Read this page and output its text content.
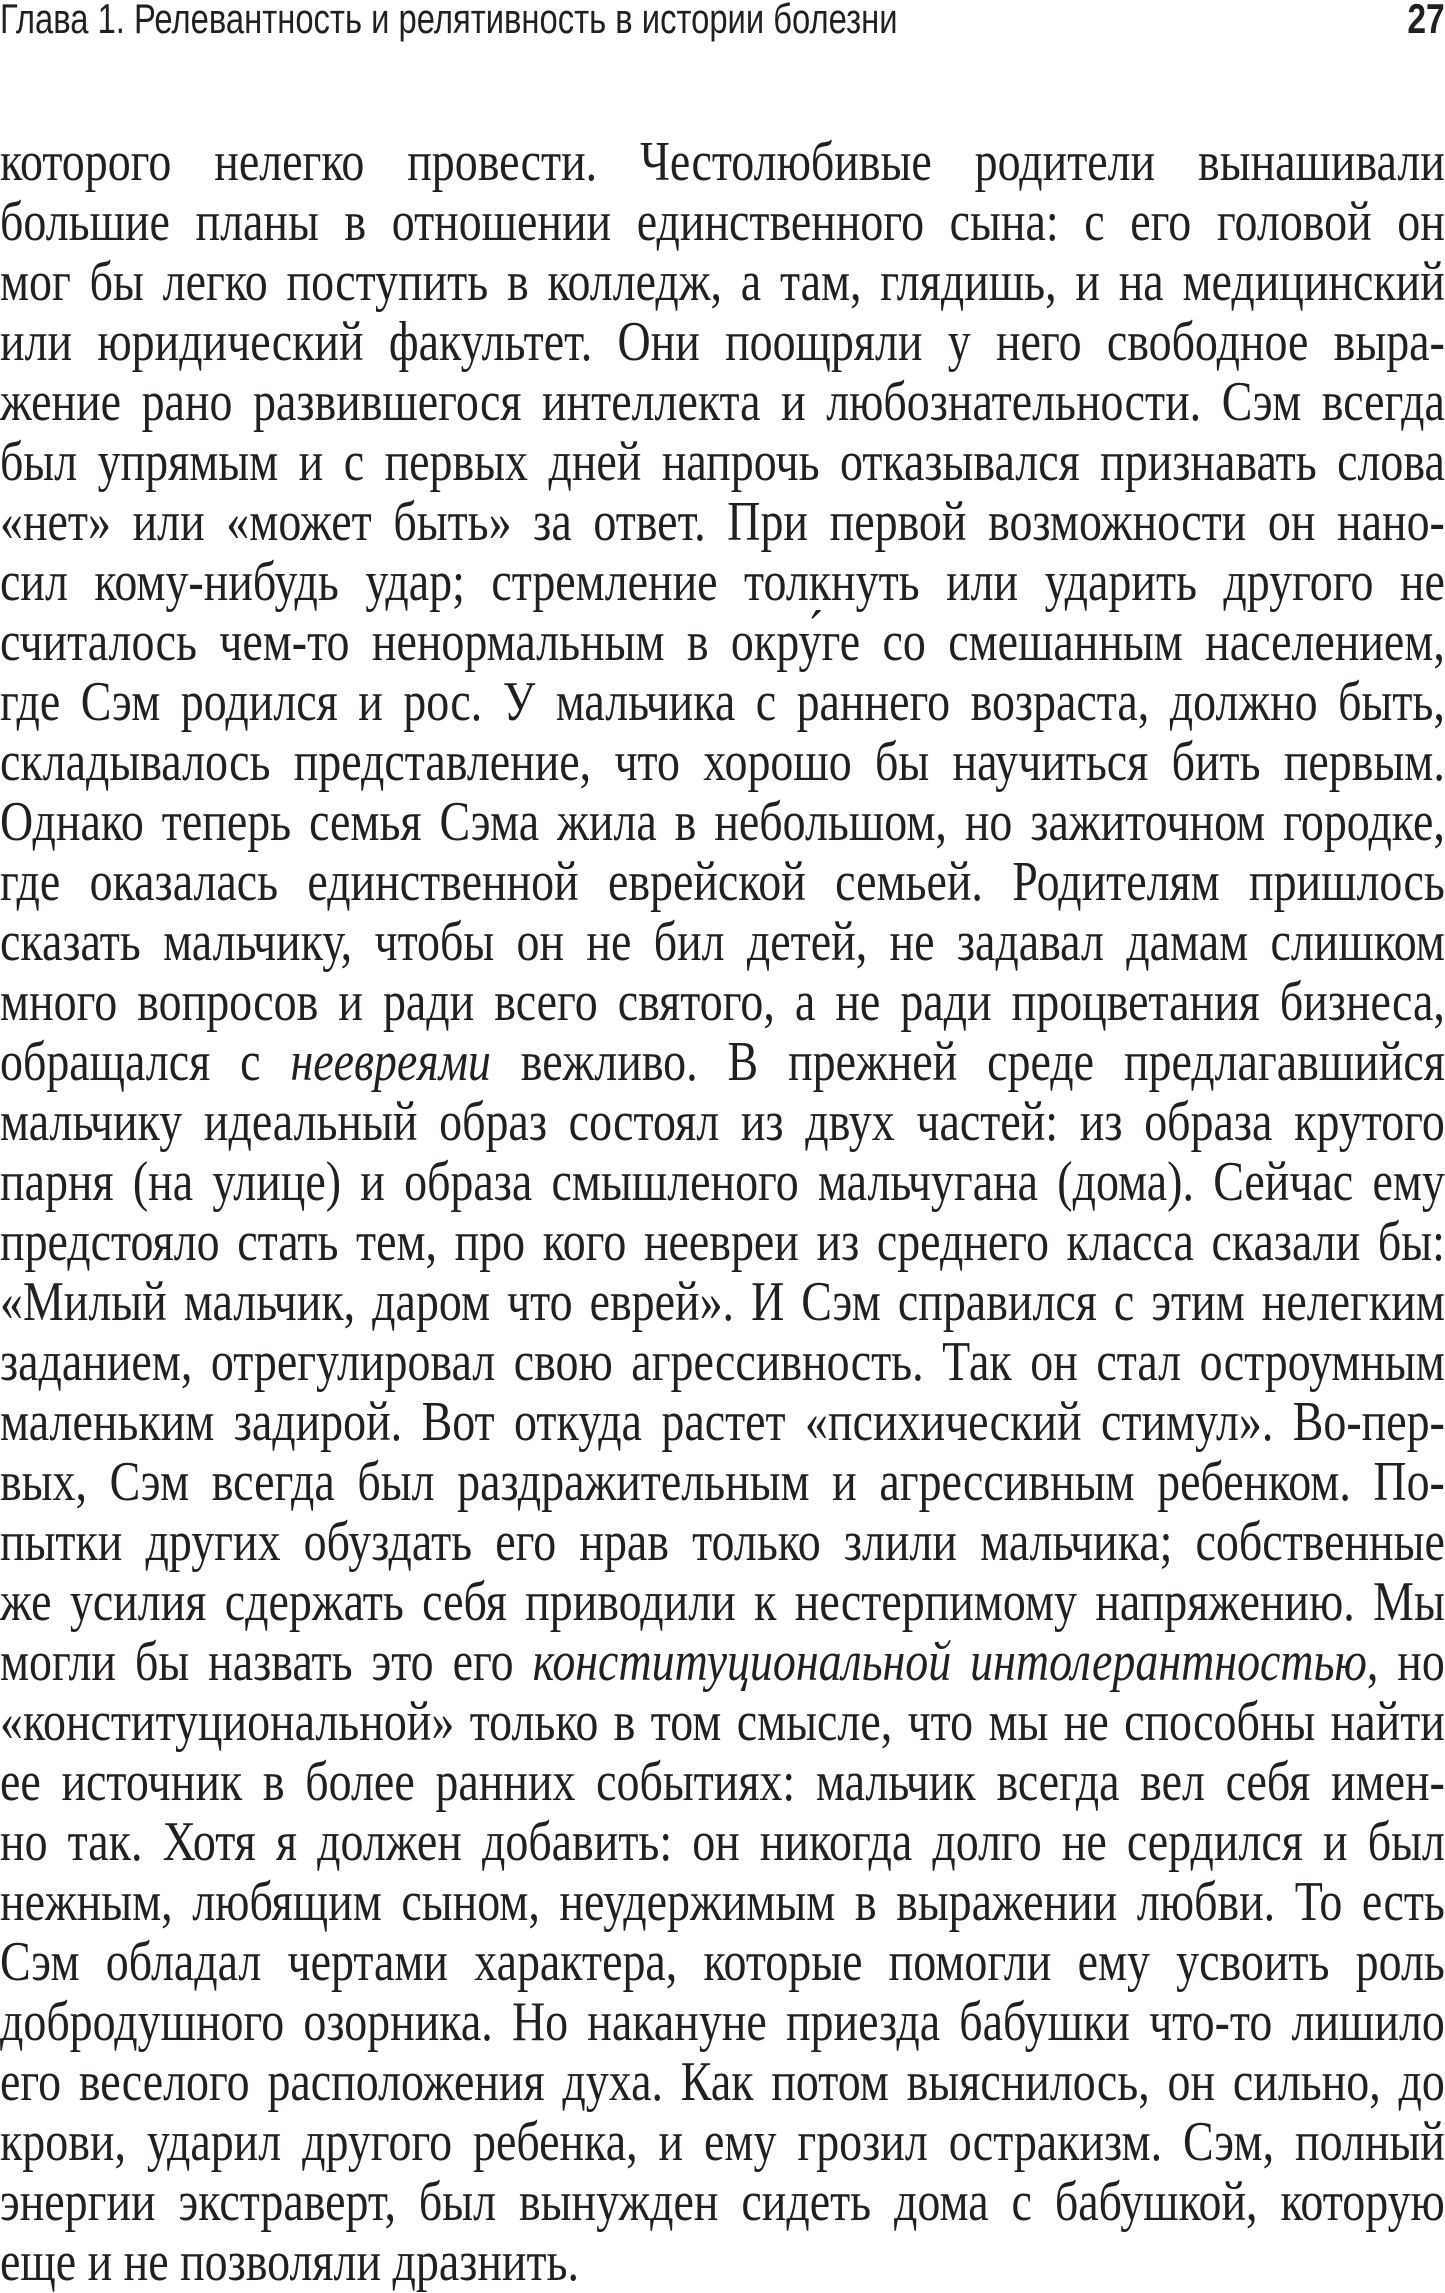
Глава 1. Релевантность и релятивность в истории болезни	27
которого нелегко провести. Честолюбивые родители вынашивали
большие планы в отношении единственного сына: с его головой он
мог бы легко поступить в колледж, а там, глядишь, и на медицинский
или юридический факультет. Они поощряли у него свободное выра-
жение рано развившегося интеллекта и любознательности. Сэм всегда
был упрямым и с первых дней напрочь отказывался признавать слова
«нет» или «может быть» за ответ. При первой возможности он нано-
сил кому-нибудь удар; стремление толкнуть или ударить другого не
считалось чем-то ненормальным в окру́ге со смешанным населением,
где Сэм родился и рос. У мальчика с раннего возраста, должно быть,
складывалось представление, что хорошо бы научиться бить первым.
Однако теперь семья Сэма жила в небольшом, но зажиточном городке,
где оказалась единственной еврейской семьей. Родителям пришлось
сказать мальчику, чтобы он не бил детей, не задавал дамам слишком
много вопросов и ради всего святого, а не ради процветания бизнеса,
обращался с неевреями вежливо. В прежней среде предлагавшийся
мальчику идеальный образ состоял из двух частей: из образа крутого
парня (на улице) и образа смышленого мальчугана (дома). Сейчас ему
предстояло стать тем, про кого неевреи из среднего класса сказали бы:
«Милый мальчик, даром что еврей». И Сэм справился с этим нелегким
заданием, отрегулировал свою агрессивность. Так он стал остроумным
маленьким задирой. Вот откуда растет «психический стимул». Во-пер-
вых, Сэм всегда был раздражительным и агрессивным ребенком. По-
пытки других обуздать его нрав только злили мальчика; собственные
же усилия сдержать себя приводили к нестерпимому напряжению. Мы
могли бы назвать это его конституциональной интолерантностью, но
«конституциональной» только в том смысле, что мы не способны найти
ее источник в более ранних событиях: мальчик всегда вел себя имен-
но так. Хотя я должен добавить: он никогда долго не сердился и был
нежным, любящим сыном, неудержимым в выражении любви. То есть
Сэм обладал чертами характера, которые помогли ему усвоить роль
добродушного озорника. Но накануне приезда бабушки что-то лишило
его веселого расположения духа. Как потом выяснилось, он сильно, до
крови, ударил другого ребенка, и ему грозил остракизм. Сэм, полный
энергии экстраверт, был вынужден сидеть дома с бабушкой, которую
еще и не позволяли дразнить.
